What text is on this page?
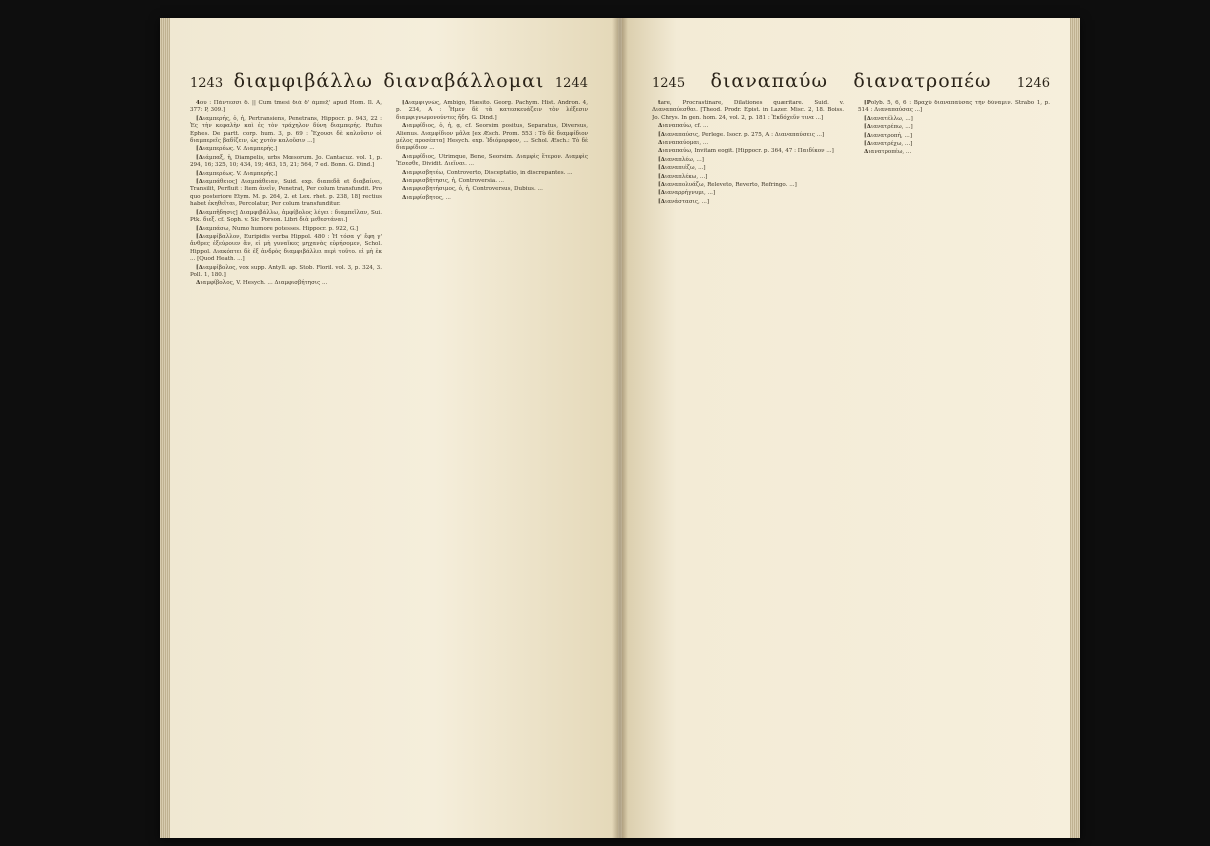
1243 διαμφιβάλλω διαναβάλλομαι 1244

4ου : Πάντεσσι δ. || Cum tmesi διὰ δ' ἀμπεξ' apud Hom. Il. A, 377: P, 309.]

[Διαμπερής, ὁ, ἡ, Pertransiens, Penetrans, Hippocr. p. 943, 22 : Ἐς τὴν κεφαλὴν καὶ ἐς τὸν τράχηλον δύνη διαμπερής. Rufus Ephes. De partt. corp. hum. 3, p. 69 : Ἔχουσι δὲ καλοῦσιν οἱ διαμπερεῖς βαδίζειν, ὡς χυτὸν καλοῦσιν ...]

[Διαμπερέως. V. Διαμπερής.]

[Διάμπαξ, ἡ, Diampelis, urbs Mœsorum. Jo. Cantacuz. vol. 1, p. 294, 16; 325, 10; 434, 19; 463, 15, 21; 564, 7 ed. Bonn. G. Dind.]

[Διαμπερέως. V. Διαμπερής.]

[Διαμπάθειος] Διαμπάθειαν, Suid. exp. διαπεδᾶ et διαβαίνει, Transilit, Perfluit : Item ἀνεῖν, Penetrat, Per colum transfundit. Pro quo posteriore Etym. M. p. 264, 2. et Lex. rhet. p. 238, 18] rectius habet ἐκηθεῖται, Percolatur, Per colum transfunditur.

[Διαμπῆδησις] Διαμφιβάλλω, ἀμφίβολος λέγει : διαμπεῖλαν, Sui. Ptk. διεξ. cf. Soph. v. Sic Porson. Libri διὰ μεθεστάναι.]

[Διαμπάσω, Numo humore potesses. Hippocr. p. 922, G.]

[Διαμφίβαλλον, Euripidis verba Hippol. 480 : Ἡ τόσα γ' ἔφη γ' ἄνθρες ἐξεύροιεν ἄν, εἰ μὴ γυναῖκες μηχανὰς εὑρήσομεν, Schol. Hippol. Διακόπτει δὲ ἐξ ἀνδρὸς διαμφιβάλλει περὶ τοῦτο. εἰ μὴ ἐκ ... [Quod Heath. ...]

[Διαμφίβολος, vox supp. Antyll. ap. Stob. Floril. vol. 3, p. 324, 3. Poll. 1, 180.]

Διαμφίβολος, V. Hesych. ... Διαμφισβήτησις ...

[Διαμφιγνώς, Ambigo, Hæsito. Georg. Pachym. Hist. Andron. 4, p. 234, A : Ἦμεν δὲ τὰ κατεσκευάζειν τὸν λέξεσιν διαμφιγνωμονούντες ἤδη. G. Dind.]

Διαμφίδιος, ὁ, ἡ, ᾳ, cf. Seorsim positus, Separatus, Diversus, Alienus. Διαμφίδιον μᾶλα [ex Æsch. Prom. 553 : Τὸ δὲ διαμφίδιον μέλος προσέπτα] Hesych. exp. Ἰδιόμορφον, ... Schol. Æsch.: Τὸ δὲ διαμφίδιον ...

Διαμφίδιος, Utrimque, Bene, Seorsim. Διαμφὶς ἕτερον. Διαμφὶς Ἔσεσθε, Dividit. Διεῖναι. ...

Διαμφισβητέω, Controverto, Disceptatio, in discrepantes. ...

Διαμφισβήτησις, ἡ, Controversia. ...

Διαμφισβητήσιμος, ὁ, ἡ, Controversus, Dubius. ...

Διαμφίσβητος, ...

1245 διαναπαύω διανατροπέω 1246

tare, Procrastinare, Dilationes quæritare. Suid. v. Διαναπαύεσθαι. [Theod. Prodr. Epist. in Lazer. Misc. 2, 18. Boiss. Jo. Chrys. In gen. hom. 24, vol. 2, p. 181 : Ἐκδόχεῦν τινα ...]

Διαναπαύω, cf. ...

[Διαναπαύσις, Perlege. Isocr. p. 275, A : Διαναπαύσεις ...]

Διαναπαύομαι, ...

Διαναπαύω, Invitam eogit. [Hippocr. p. 364, 47 : Παιδίκον ...]

[Διαναπλέω, ...]

[Διαναπιέζω, ...]

[Διαναπλέκω, ...]

[Διαναπολυάζω, Releveto, Reverto, Refringo. ...]

[Διαναρρήγνυμι, ...]

[Διανάστασις, ...]

[Polyb. 5, 6, 6 : Βραχὺ διαναπαύσας τὴν δύναμιν. Strabo 1, p. 514 : Διαναπαύσας ...]

[Διανατέλλω, ...]

[Διανατρέπω, ...]

[Διανατροπή, ...]

[Διανατρέχω, ...]

Διανατροπέω, ...
